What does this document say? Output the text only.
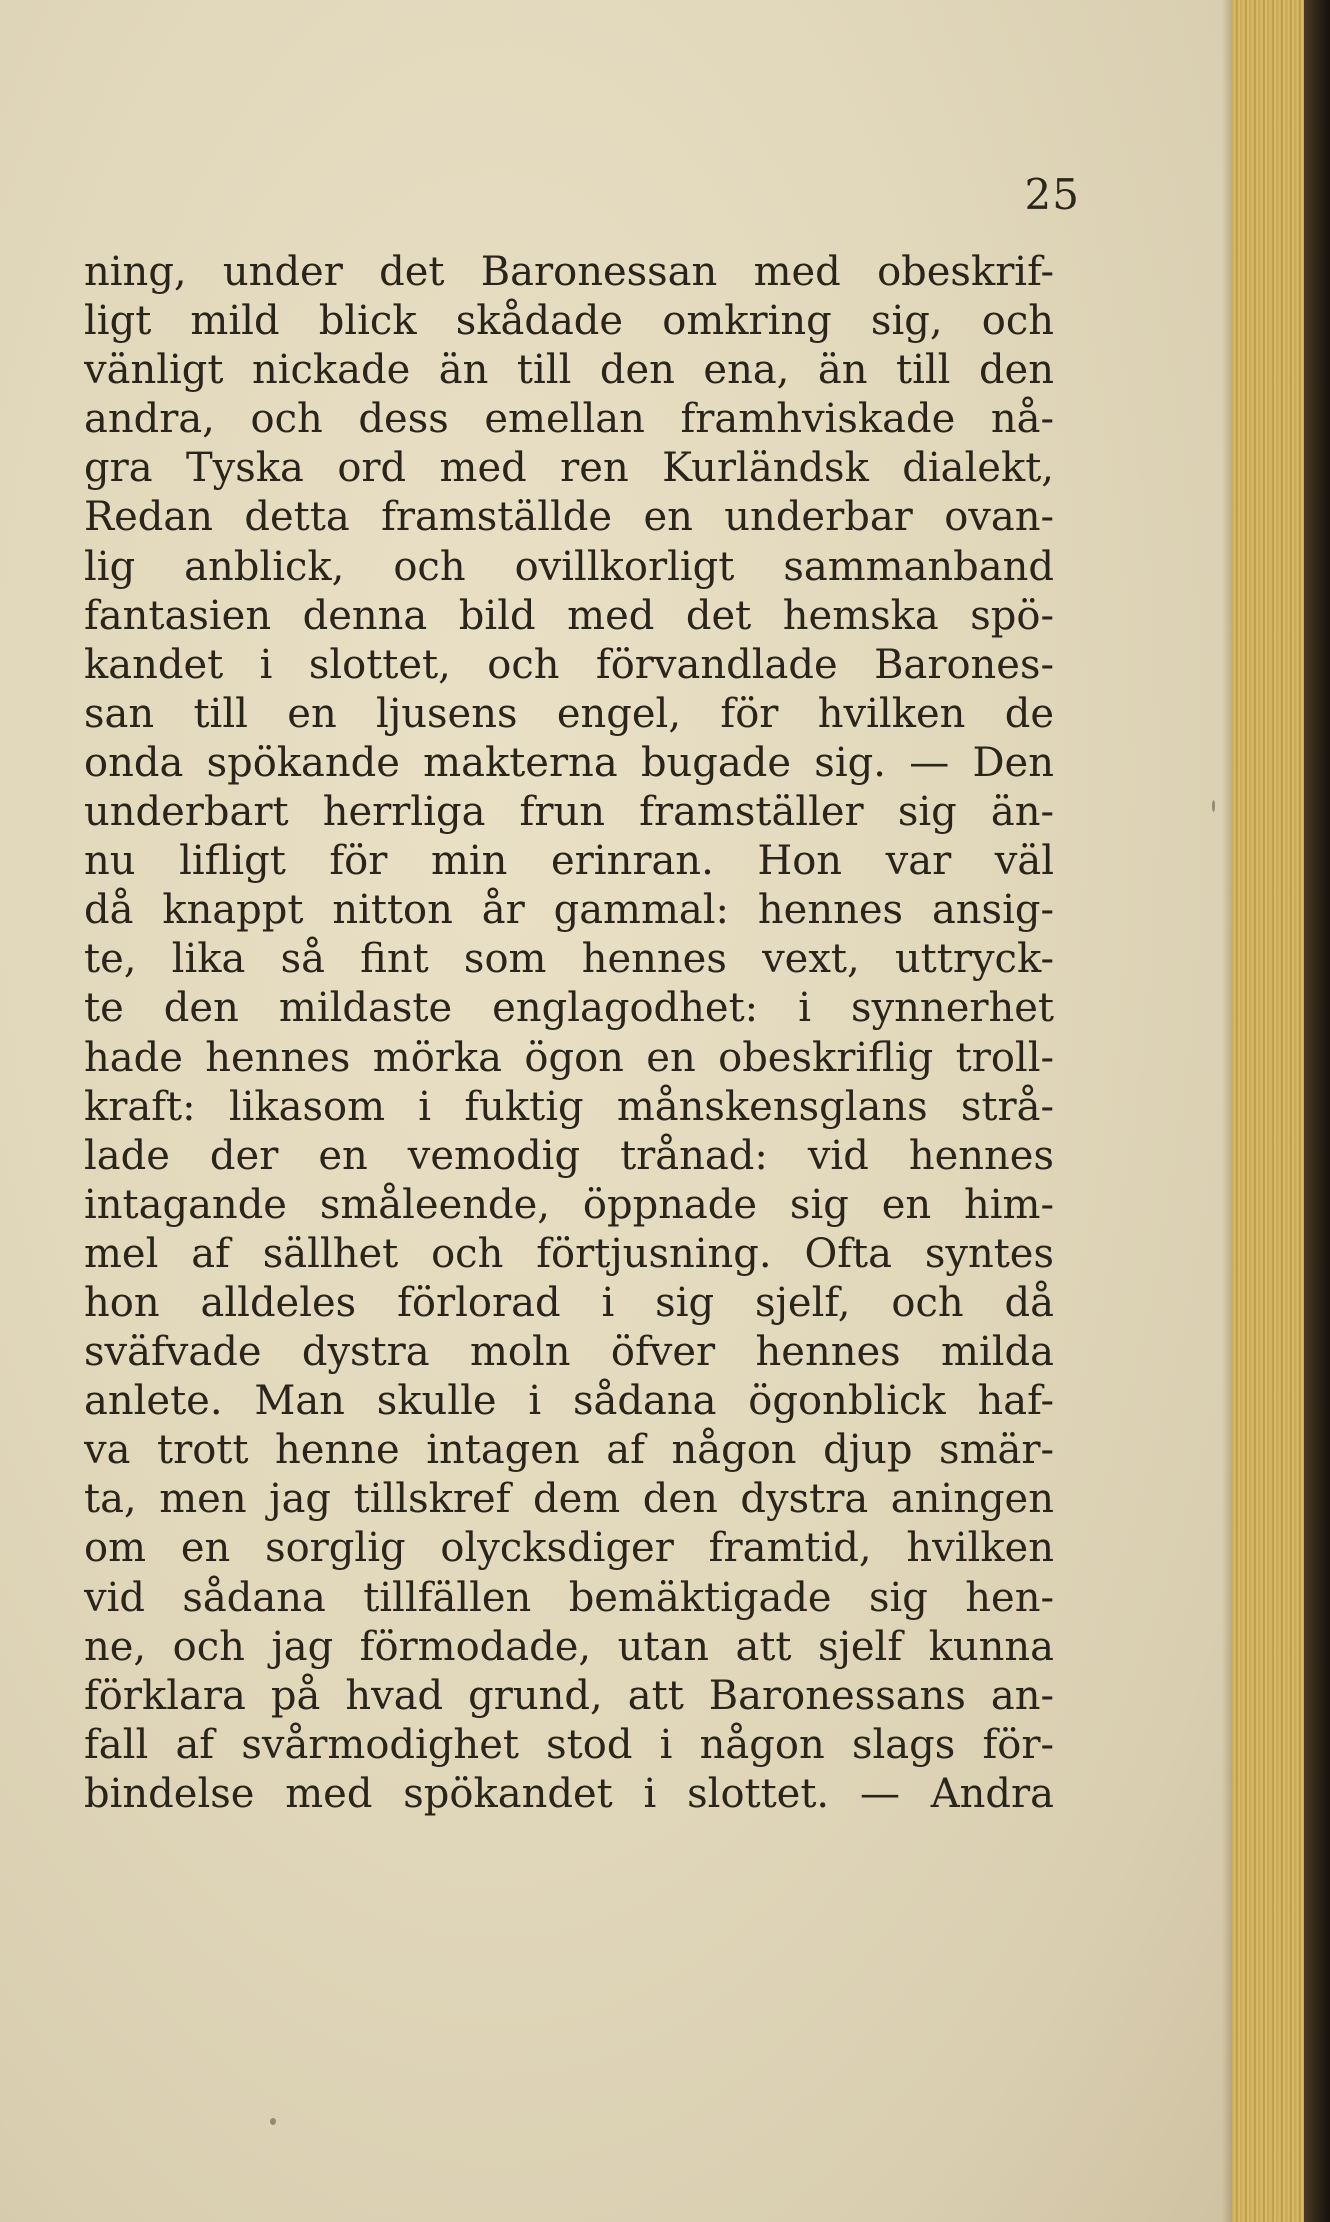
25
ning, under det Baronessan med obeskrif-
ligt mild blick skådade omkring sig, och
vänligt nickade än till den ena, än till den
andra, och dess emellan framhviskade nå-
gra Tyska ord med ren Kurländsk dialekt,
Redan detta framställde en underbar ovan-
lig anblick, och ovillkorligt sammanband
fantasien denna bild med det hemska spö-
kandet i slottet, och förvandlade Barones-
san till en ljusens engel, för hvilken de
onda spökande makterna bugade sig. — Den
underbart herrliga frun framställer sig än-
nu lifligt för min erinran. Hon var väl
då knappt nitton år gammal: hennes ansig-
te, lika så fint som hennes vext, uttryck-
te den mildaste englagodhet: i synnerhet
hade hennes mörka ögon en obeskriflig troll-
kraft: likasom i fuktig månskensglans strå-
lade der en vemodig trånad: vid hennes
intagande småleende, öppnade sig en him-
mel af sällhet och förtjusning. Ofta syntes
hon alldeles förlorad i sig sjelf, och då
sväfvade dystra moln öfver hennes milda
anlete. Man skulle i sådana ögonblick haf-
va trott henne intagen af någon djup smär-
ta, men jag tillskref dem den dystra aningen
om en sorglig olycksdiger framtid, hvilken
vid sådana tillfällen bemäktigade sig hen-
ne, och jag förmodade, utan att sjelf kunna
förklara på hvad grund, att Baronessans an-
fall af svårmodighet stod i någon slags för-
bindelse med spökandet i slottet. — Andra
